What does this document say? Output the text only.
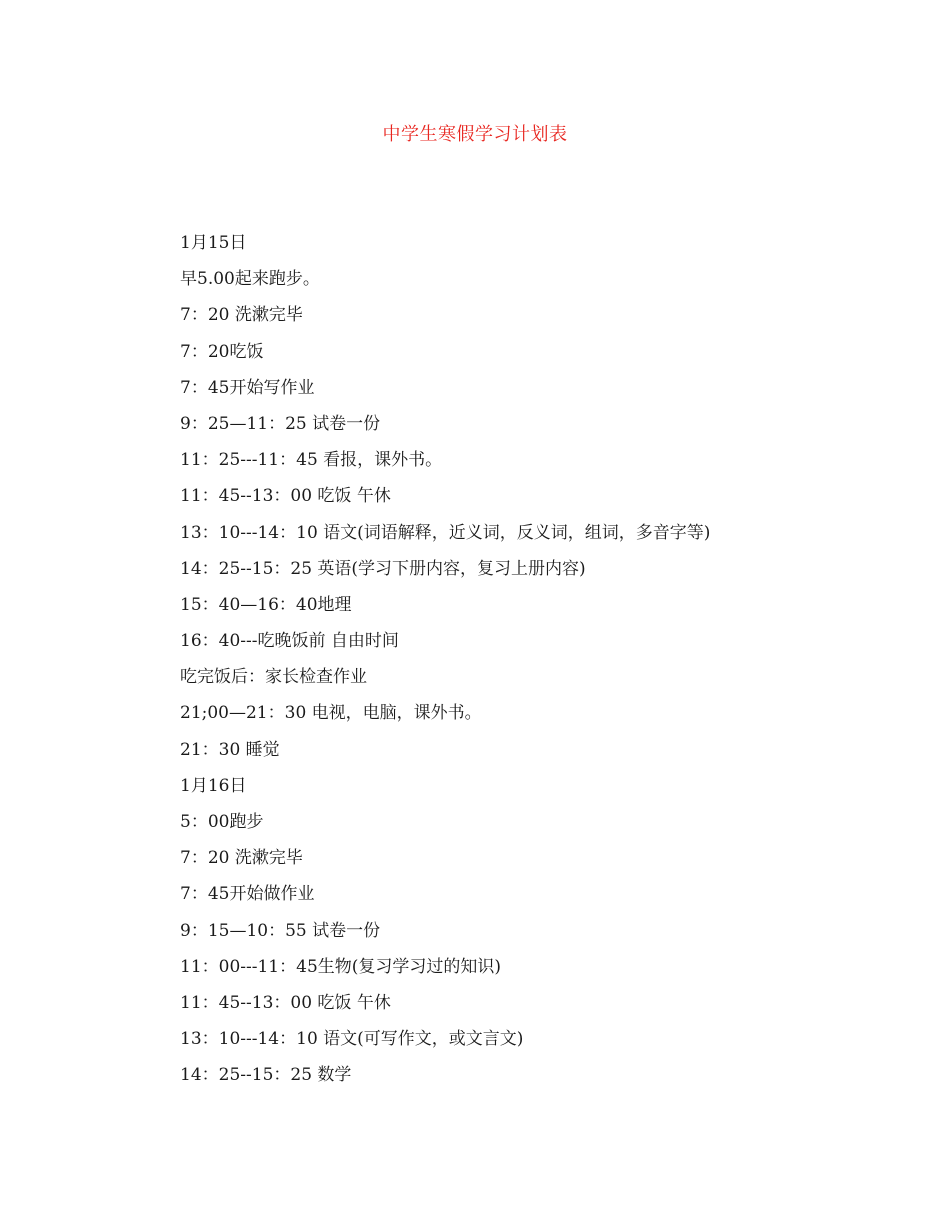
中学生寒假学习计划表
1月15日
早5.00起来跑步。
7：20 洗漱完毕
7：20吃饭
7：45开始写作业
9：25—11：25 试卷一份
11：25---11：45 看报，课外书。
11：45--13：00 吃饭 午休
13：10---14：10 语文(词语解释，近义词，反义词，组词，多音字等)
14：25--15：25 英语(学习下册内容，复习上册内容)
15：40—16：40地理
16：40---吃晚饭前 自由时间
吃完饭后：家长检查作业
21;00—21：30 电视，电脑，课外书。
21：30 睡觉
1月16日
5：00跑步
7：20 洗漱完毕
7：45开始做作业
9：15—10：55 试卷一份
11：00---11：45生物(复习学习过的知识)
11：45--13：00 吃饭 午休
13：10---14：10 语文(可写作文，或文言文)
14：25--15：25 数学
